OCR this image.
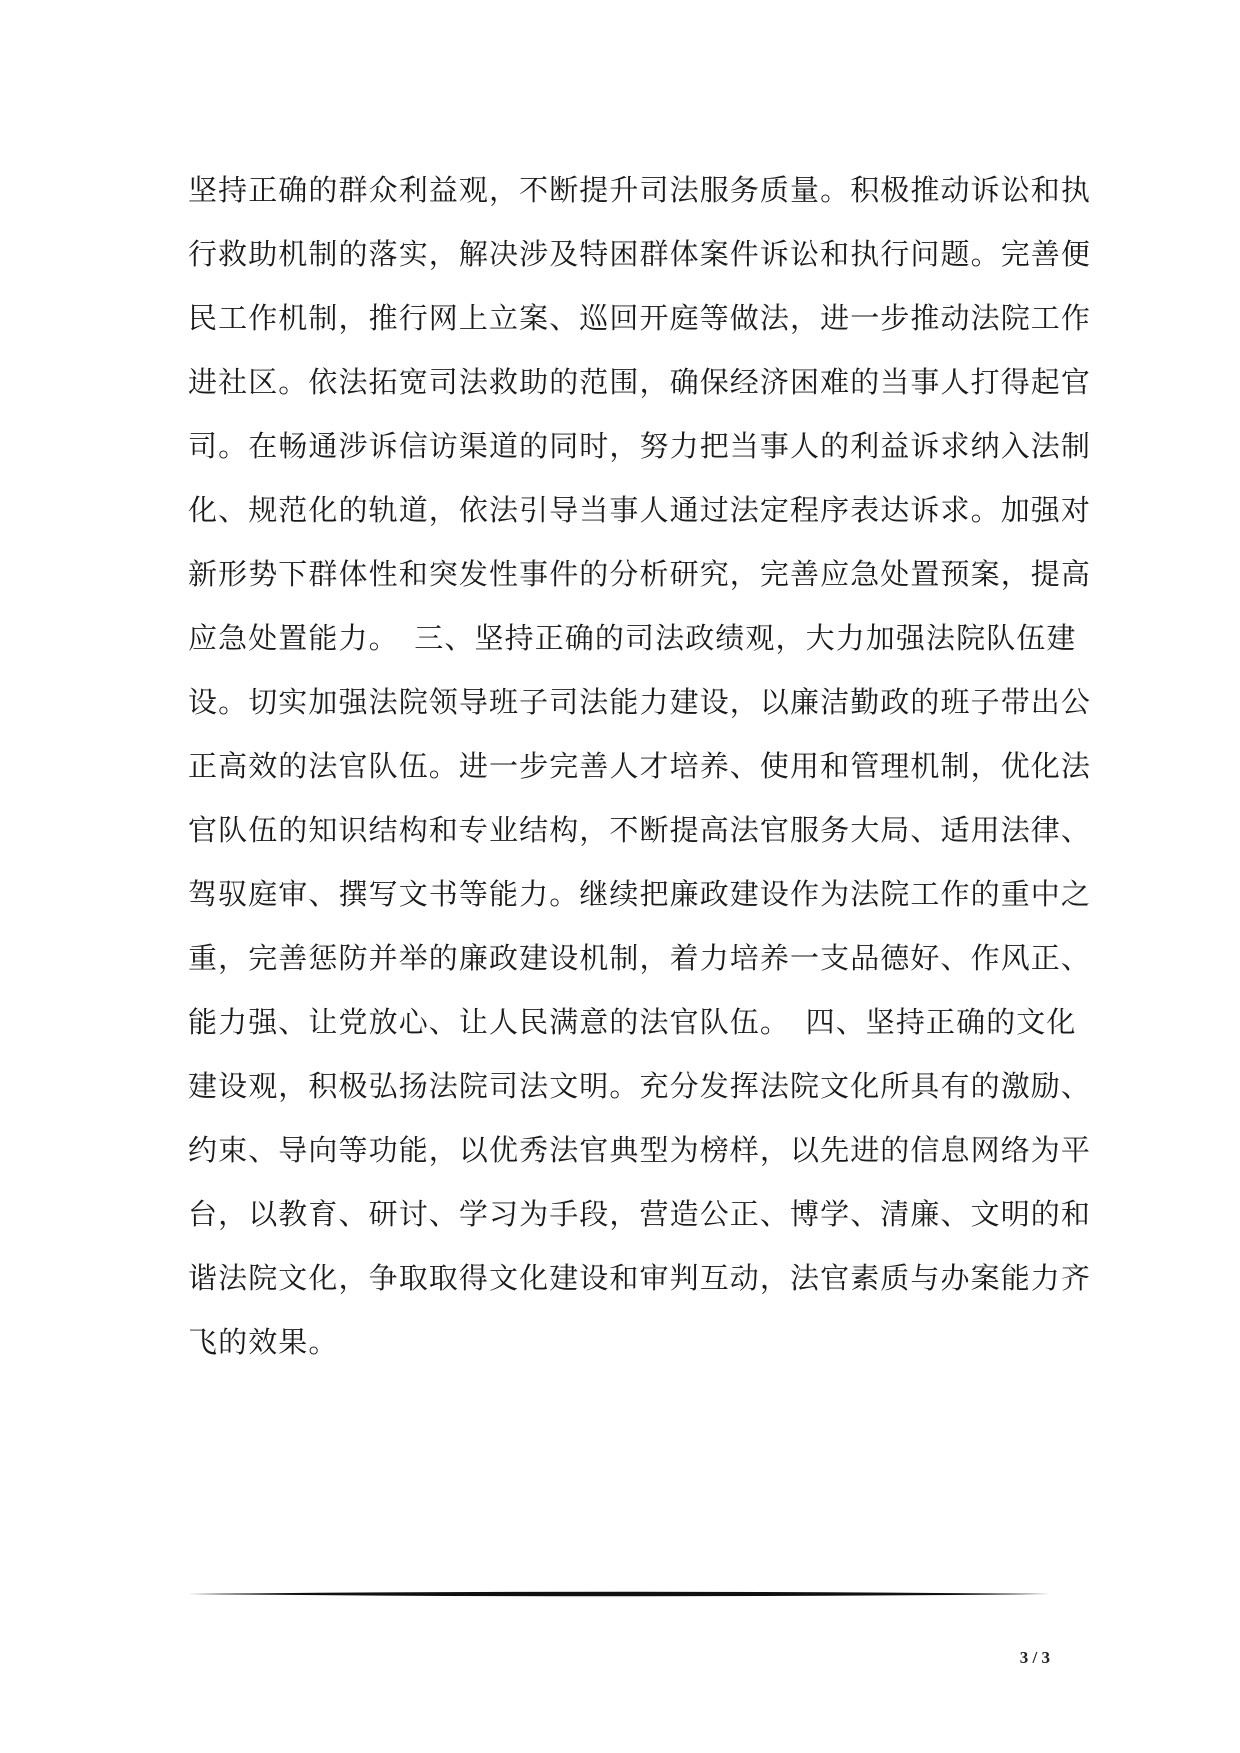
坚持正确的群众利益观，不断提升司法服务质量。积极推动诉讼和执
行救助机制的落实，解决涉及特困群体案件诉讼和执行问题。完善便
民工作机制，推行网上立案、巡回开庭等做法，进一步推动法院工作
进社区。依法拓宽司法救助的范围，确保经济困难的当事人打得起官
司。在畅通涉诉信访渠道的同时，努力把当事人的利益诉求纳入法制
化、规范化的轨道，依法引导当事人通过法定程序表达诉求。加强对
新形势下群体性和突发性事件的分析研究，完善应急处置预案，提高
应急处置能力。　三、坚持正确的司法政绩观，大力加强法院队伍建
设。切实加强法院领导班子司法能力建设，以廉洁勤政的班子带出公
正高效的法官队伍。进一步完善人才培养、使用和管理机制，优化法
官队伍的知识结构和专业结构，不断提高法官服务大局、适用法律、
驾驭庭审、撰写文书等能力。继续把廉政建设作为法院工作的重中之
重，完善惩防并举的廉政建设机制，着力培养一支品德好、作风正、
能力强、让党放心、让人民满意的法官队伍。　四、坚持正确的文化
建设观，积极弘扬法院司法文明。充分发挥法院文化所具有的激励、
约束、导向等功能，以优秀法官典型为榜样，以先进的信息网络为平
台，以教育、研讨、学习为手段，营造公正、博学、清廉、文明的和
谐法院文化，争取取得文化建设和审判互动，法官素质与办案能力齐
飞的效果。
3 / 3
